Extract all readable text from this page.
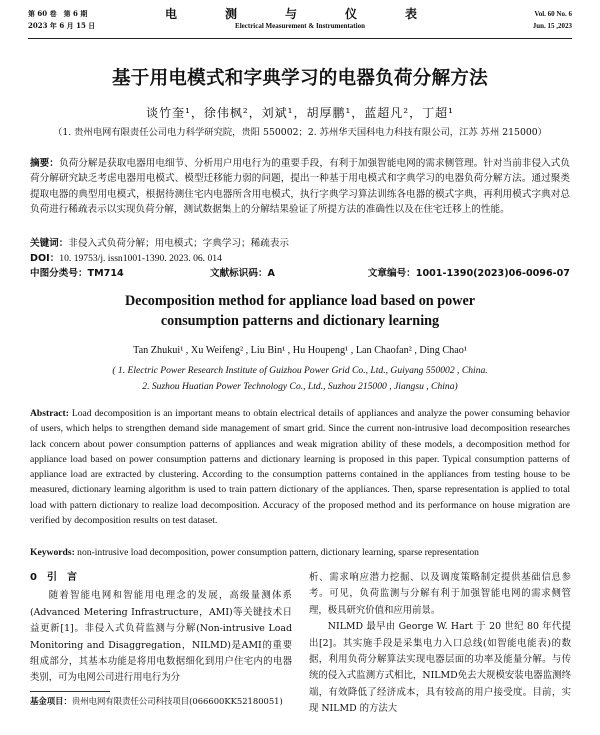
第 60 卷　第 6 期
2023 年 6 月 15 日
电　测　与　仪　表
Electrical Measurement & Instrumentation
Vol. 60 No. 6
Jun. 15 ,2023
基于用电模式和字典学习的电器负荷分解方法
谈竹奎¹，徐伟枫²，刘斌¹，胡厚鹏¹，蓝超凡²，丁超¹
（1. 贵州电网有限责任公司电力科学研究院，贵阳 550002；2. 苏州华天国科电力科技有限公司，江苏 苏州 215000）
摘要：负荷分解是获取电器用电细节、分析用户用电行为的重要手段，有利于加强智能电网的需求侧管理。针对当前非侵入式负荷分解研究缺乏考虑电器用电模式、模型迁移能力弱的问题，提出一种基于用电模式和字典学习的电器负荷分解方法。通过聚类提取电器的典型用电模式，根据待测住宅内电器所含用电模式，执行字典学习算法训练各电器的模式字典，再利用模式字典对总负荷进行稀疏表示以实现负荷分解，测试数据集上的分解结果验证了所提方法的准确性以及在住宅迁移上的性能。
关键词：非侵入式负荷分解；用电模式；字典学习；稀疏表示
DOI：10. 19753/j. issn1001-1390. 2023. 06. 014
中图分类号：TM714	文献标识码：A	文章编号：1001-1390(2023)06-0096-07
Decomposition method for appliance load based on power
consumption patterns and dictionary learning
Tan Zhukui¹ , Xu Weifeng² , Liu Bin¹ , Hu Houpeng¹ , Lan Chaofan² , Ding Chao¹
( 1. Electric Power Research Institute of Guizhou Power Grid Co., Ltd., Guiyang 550002 , China.
2. Suzhou Huatian Power Technology Co., Ltd., Suzhou 215000 , Jiangsu , China)
Abstract: Load decomposition is an important means to obtain electrical details of appliances and analyze the power consuming behavior of users, which helps to strengthen demand side management of smart grid. Since the current non-intrusive load decomposition researches lack concern about power consumption patterns of appliances and weak migration ability of these models, a decomposition method for appliance load based on power consumption patterns and dictionary learning is proposed in this paper. Typical consumption patterns of appliance load are extracted by clustering. According to the consumption patterns contained in the appliances from testing house to be measured, dictionary learning algorithm is used to train pattern dictionary of the appliances. Then, sparse representation is applied to total load with pattern dictionary to realize load decomposition. Accuracy of the proposed method and its performance on house migration are verified by decomposition results on test dataset.
Keywords: non-intrusive load decomposition, power consumption pattern, dictionary learning, sparse representation
0　引　言
随着智能电网和智能用电理念的发展，高级量测体系(Advanced Metering Infrastructure，AMI)等关键技术日益更新[1]。非侵入式负荷监测与分解(Non-intrusive Load Monitoring and Disaggregation，NILMD)是AMI的重要组成部分，其基本功能是将用电数据细化到用户住宅内的电器类别，可为电网公司进行用电行为分
基金项目：贵州电网有限责任公司科技项目(066600KK52180051)
析、需求响应潜力挖掘、以及调度策略制定提供基础信息参考。可见，负荷监测与分解有利于加强智能电网的需求侧管理，极具研究价值和应用前景。
NILMD 最早由 George W. Hart 于 20 世纪 80 年代提出[2]。其实施手段是采集电力入口总线(如智能电能表)的数据，利用负荷分解算法实现电器层面的功率及能量分解。与传统的侵入式监测方式相比，NILMD免去大规模安装电器监测终端，有效降低了经济成本，具有较高的用户接受度。目前，实现 NILMD 的方法大
